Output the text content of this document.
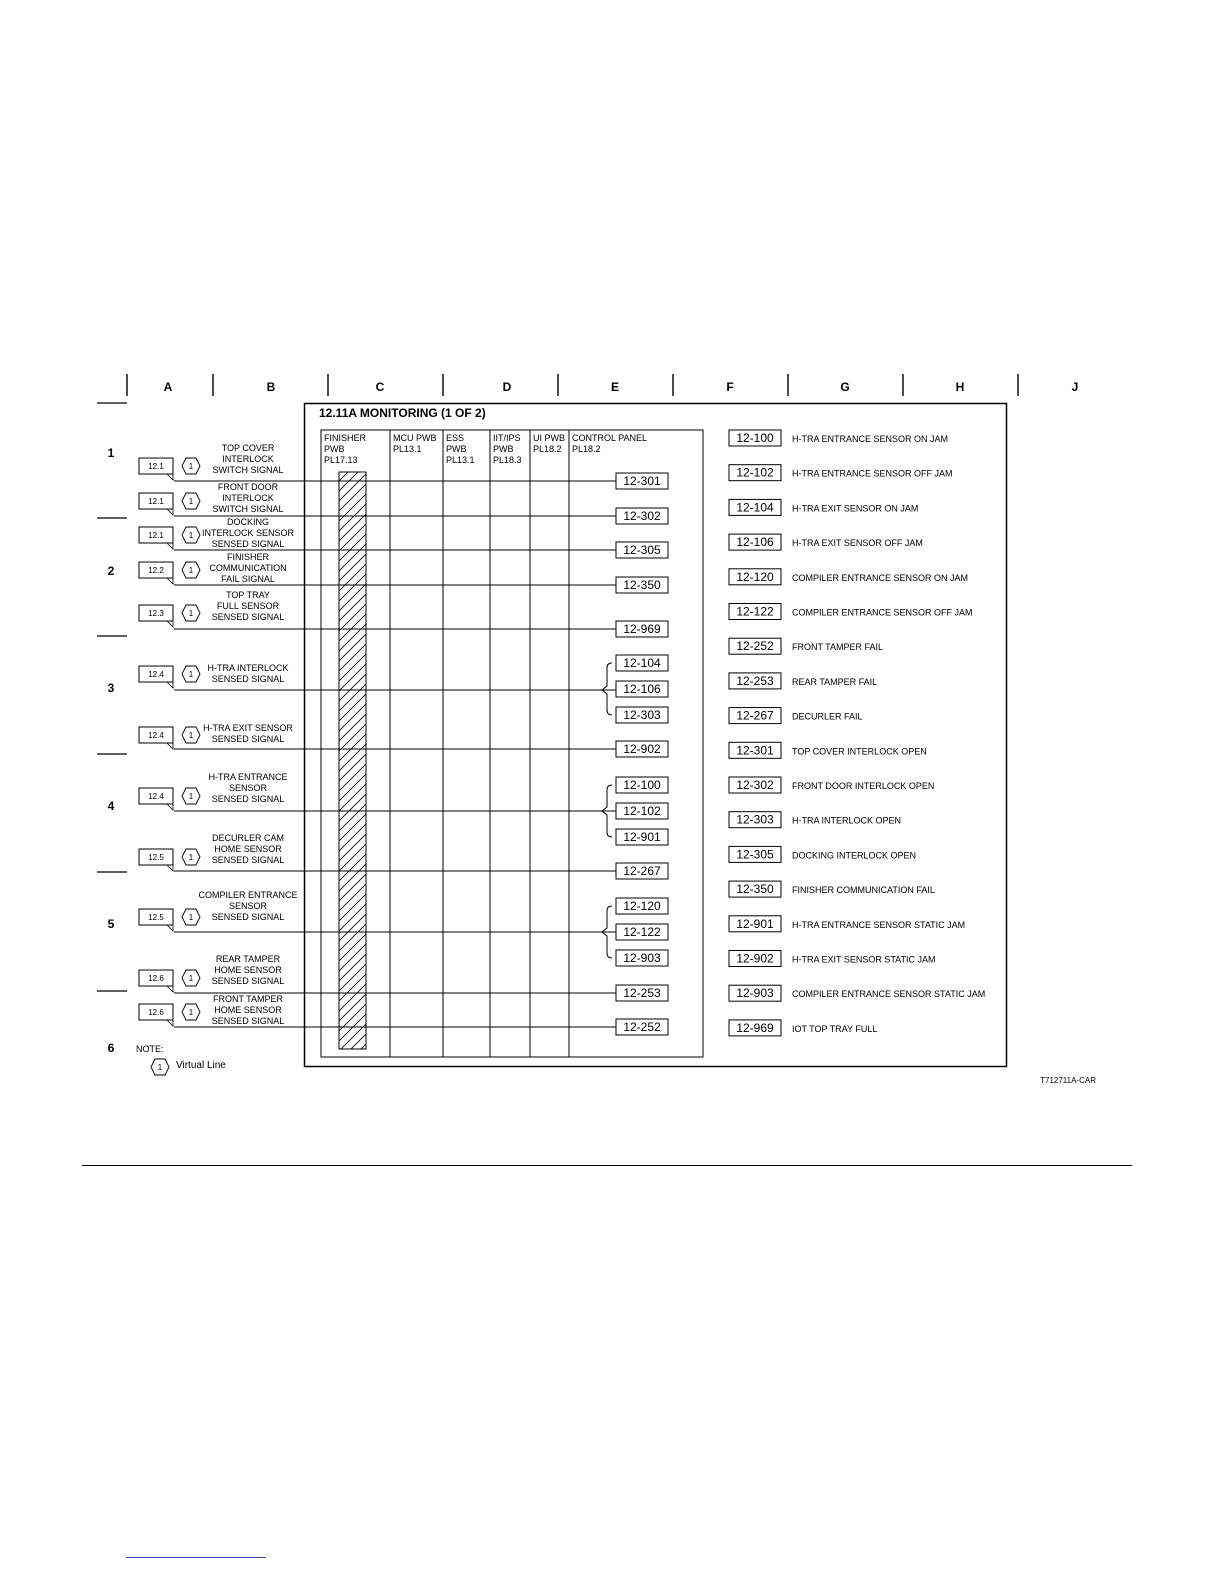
A	B	C	D	E	F	G	H	J
1
2
3
4
5
6
12.11A MONITORING (1 OF 2)
FINISHER PWB PL17.13
MCU PWB PL13.1
ESS PWB PL13.1
IIT/IPS PWB PL18.3
UI PWB PL18.2
CONTROL PANEL PL18.2
12-301
12-302
12-305
12-350
12-969
12-104
12-106
12-303
12-902
12-100
12-102
12-901
12-267
12-120
12-122
12-903
12-253
12-252
12.1	1
TOP COVER INTERLOCK SWITCH SIGNAL
12.1	1
FRONT DOOR INTERLOCK SWITCH SIGNAL
12.1	1
DOCKING INTERLOCK SENSOR SENSED SIGNAL
12.2	1
FINISHER COMMUNICATION FAIL SIGNAL
12.3	1
TOP TRAY FULL SENSOR SENSED SIGNAL
12.4	1
H-TRA INTERLOCK SENSED SIGNAL
12.4	1
H-TRA EXIT SENSOR SENSED SIGNAL
12.4	1
H-TRA ENTRANCE SENSOR SENSED SIGNAL
12.5	1
DECURLER CAM HOME SENSOR SENSED SIGNAL
12.5	1
COMPILER ENTRANCE SENSOR SENSED SIGNAL
12.6	1
REAR TAMPER HOME SENSOR SENSED SIGNAL
12.6	1
FRONT TAMPER HOME SENSOR SENSED SIGNAL
12-100 H-TRA ENTRANCE SENSOR ON JAM
12-102 H-TRA ENTRANCE SENSOR OFF JAM
12-104 H-TRA EXIT SENSOR ON JAM
12-106 H-TRA EXIT SENSOR OFF JAM
12-120 COMPILER ENTRANCE SENSOR ON JAM
12-122 COMPILER ENTRANCE SENSOR OFF JAM
12-252 FRONT TAMPER FAIL
12-253 REAR TAMPER FAIL
12-267 DECURLER FAIL
12-301 TOP COVER INTERLOCK OPEN
12-302 FRONT DOOR INTERLOCK OPEN
12-303 H-TRA INTERLOCK OPEN
12-305 DOCKING INTERLOCK OPEN
12-350 FINISHER COMMUNICATION FAIL
12-901 H-TRA ENTRANCE SENSOR STATIC JAM
12-902 H-TRA EXIT SENSOR STATIC JAM
12-903 COMPILER ENTRANCE SENSOR STATIC JAM
12-969 IOT TOP TRAY FULL
NOTE:
1 Virtual Line
T712711A-CAR
